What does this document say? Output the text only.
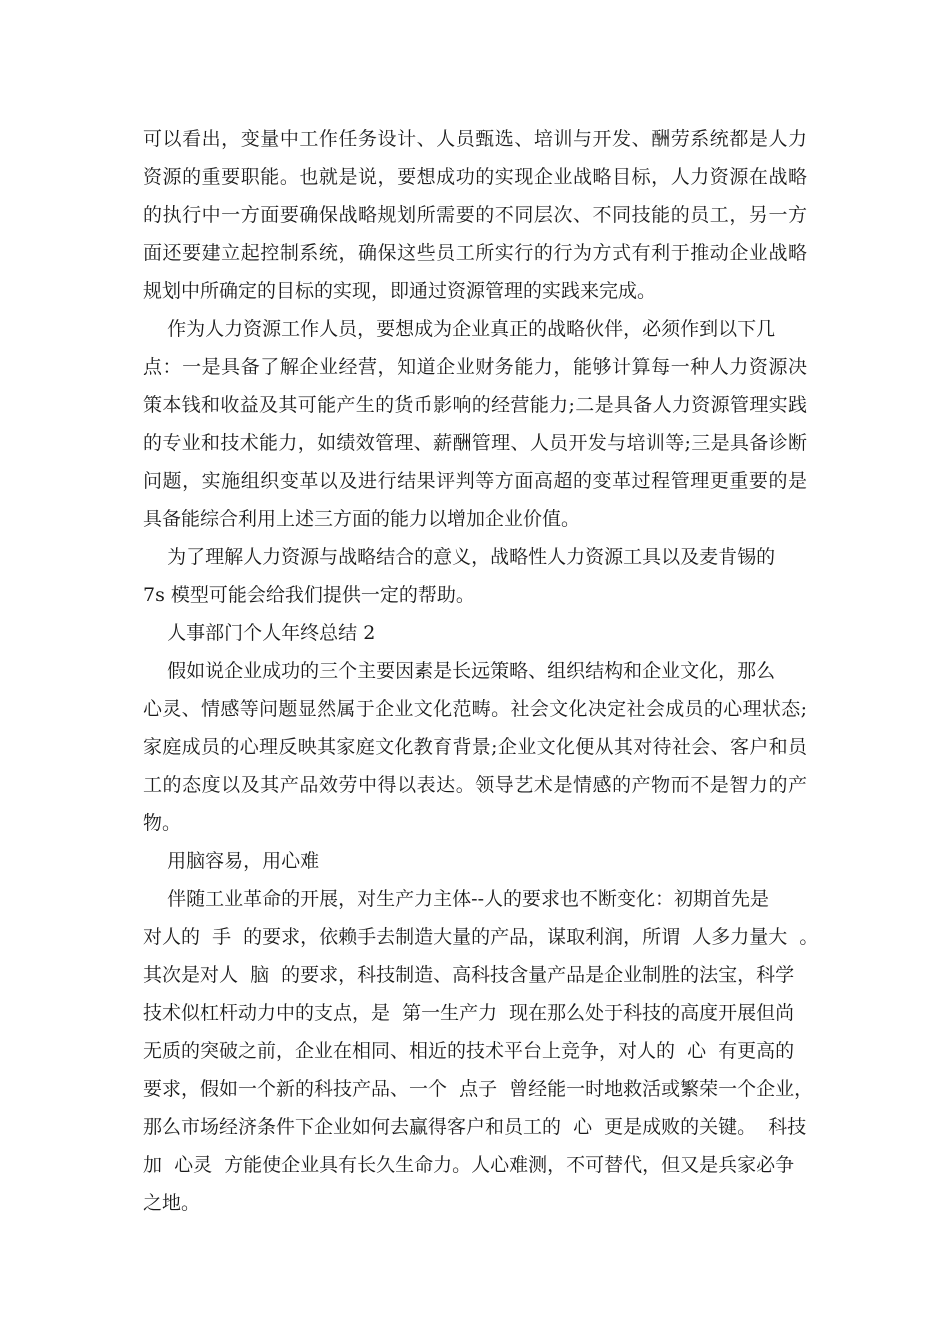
可以看出，变量中工作任务设计、人员甄选、培训与开发、酬劳系统都是人力
资源的重要职能。也就是说，要想成功的实现企业战略目标，人力资源在战略
的执行中一方面要确保战略规划所需要的不同层次、不同技能的员工，另一方
面还要建立起控制系统，确保这些员工所实行的行为方式有利于推动企业战略
规划中所确定的目标的实现，即通过资源管理的实践来完成。
作为人力资源工作人员，要想成为企业真正的战略伙伴，必须作到以下几
点：一是具备了解企业经营，知道企业财务能力，能够计算每一种人力资源决
策本钱和收益及其可能产生的货币影响的经营能力;二是具备人力资源管理实践
的专业和技术能力，如绩效管理、薪酬管理、人员开发与培训等;三是具备诊断
问题，实施组织变革以及进行结果评判等方面高超的变革过程管理更重要的是
具备能综合利用上述三方面的能力以增加企业价值。
为了理解人力资源与战略结合的意义，战略性人力资源工具以及麦肯锡的
7s 模型可能会给我们提供一定的帮助。
人事部门个人年终总结 2
假如说企业成功的三个主要因素是长远策略、组织结构和企业文化，那么
心灵、情感等问题显然属于企业文化范畴。社会文化决定社会成员的心理状态;
家庭成员的心理反映其家庭文化教育背景;企业文化便从其对待社会、客户和员
工的态度以及其产品效劳中得以表达。领导艺术是情感的产物而不是智力的产
物。
用脑容易，用心难
伴随工业革命的开展，对生产力主体--人的要求也不断变化：初期首先是
对人的  手  的要求，依赖手去制造大量的产品，谋取利润，所谓  人多力量大  。
其次是对人  脑  的要求，科技制造、高科技含量产品是企业制胜的法宝，科学
技术似杠杆动力中的支点，是  第一生产力  现在那么处于科技的高度开展但尚
无质的突破之前，企业在相同、相近的技术平台上竞争，对人的  心  有更高的
要求，假如一个新的科技产品、一个  点子  曾经能一时地救活或繁荣一个企业，
那么市场经济条件下企业如何去赢得客户和员工的  心  更是成败的关键。  科技
加  心灵  方能使企业具有长久生命力。人心难测，不可替代，但又是兵家必争
之地。
